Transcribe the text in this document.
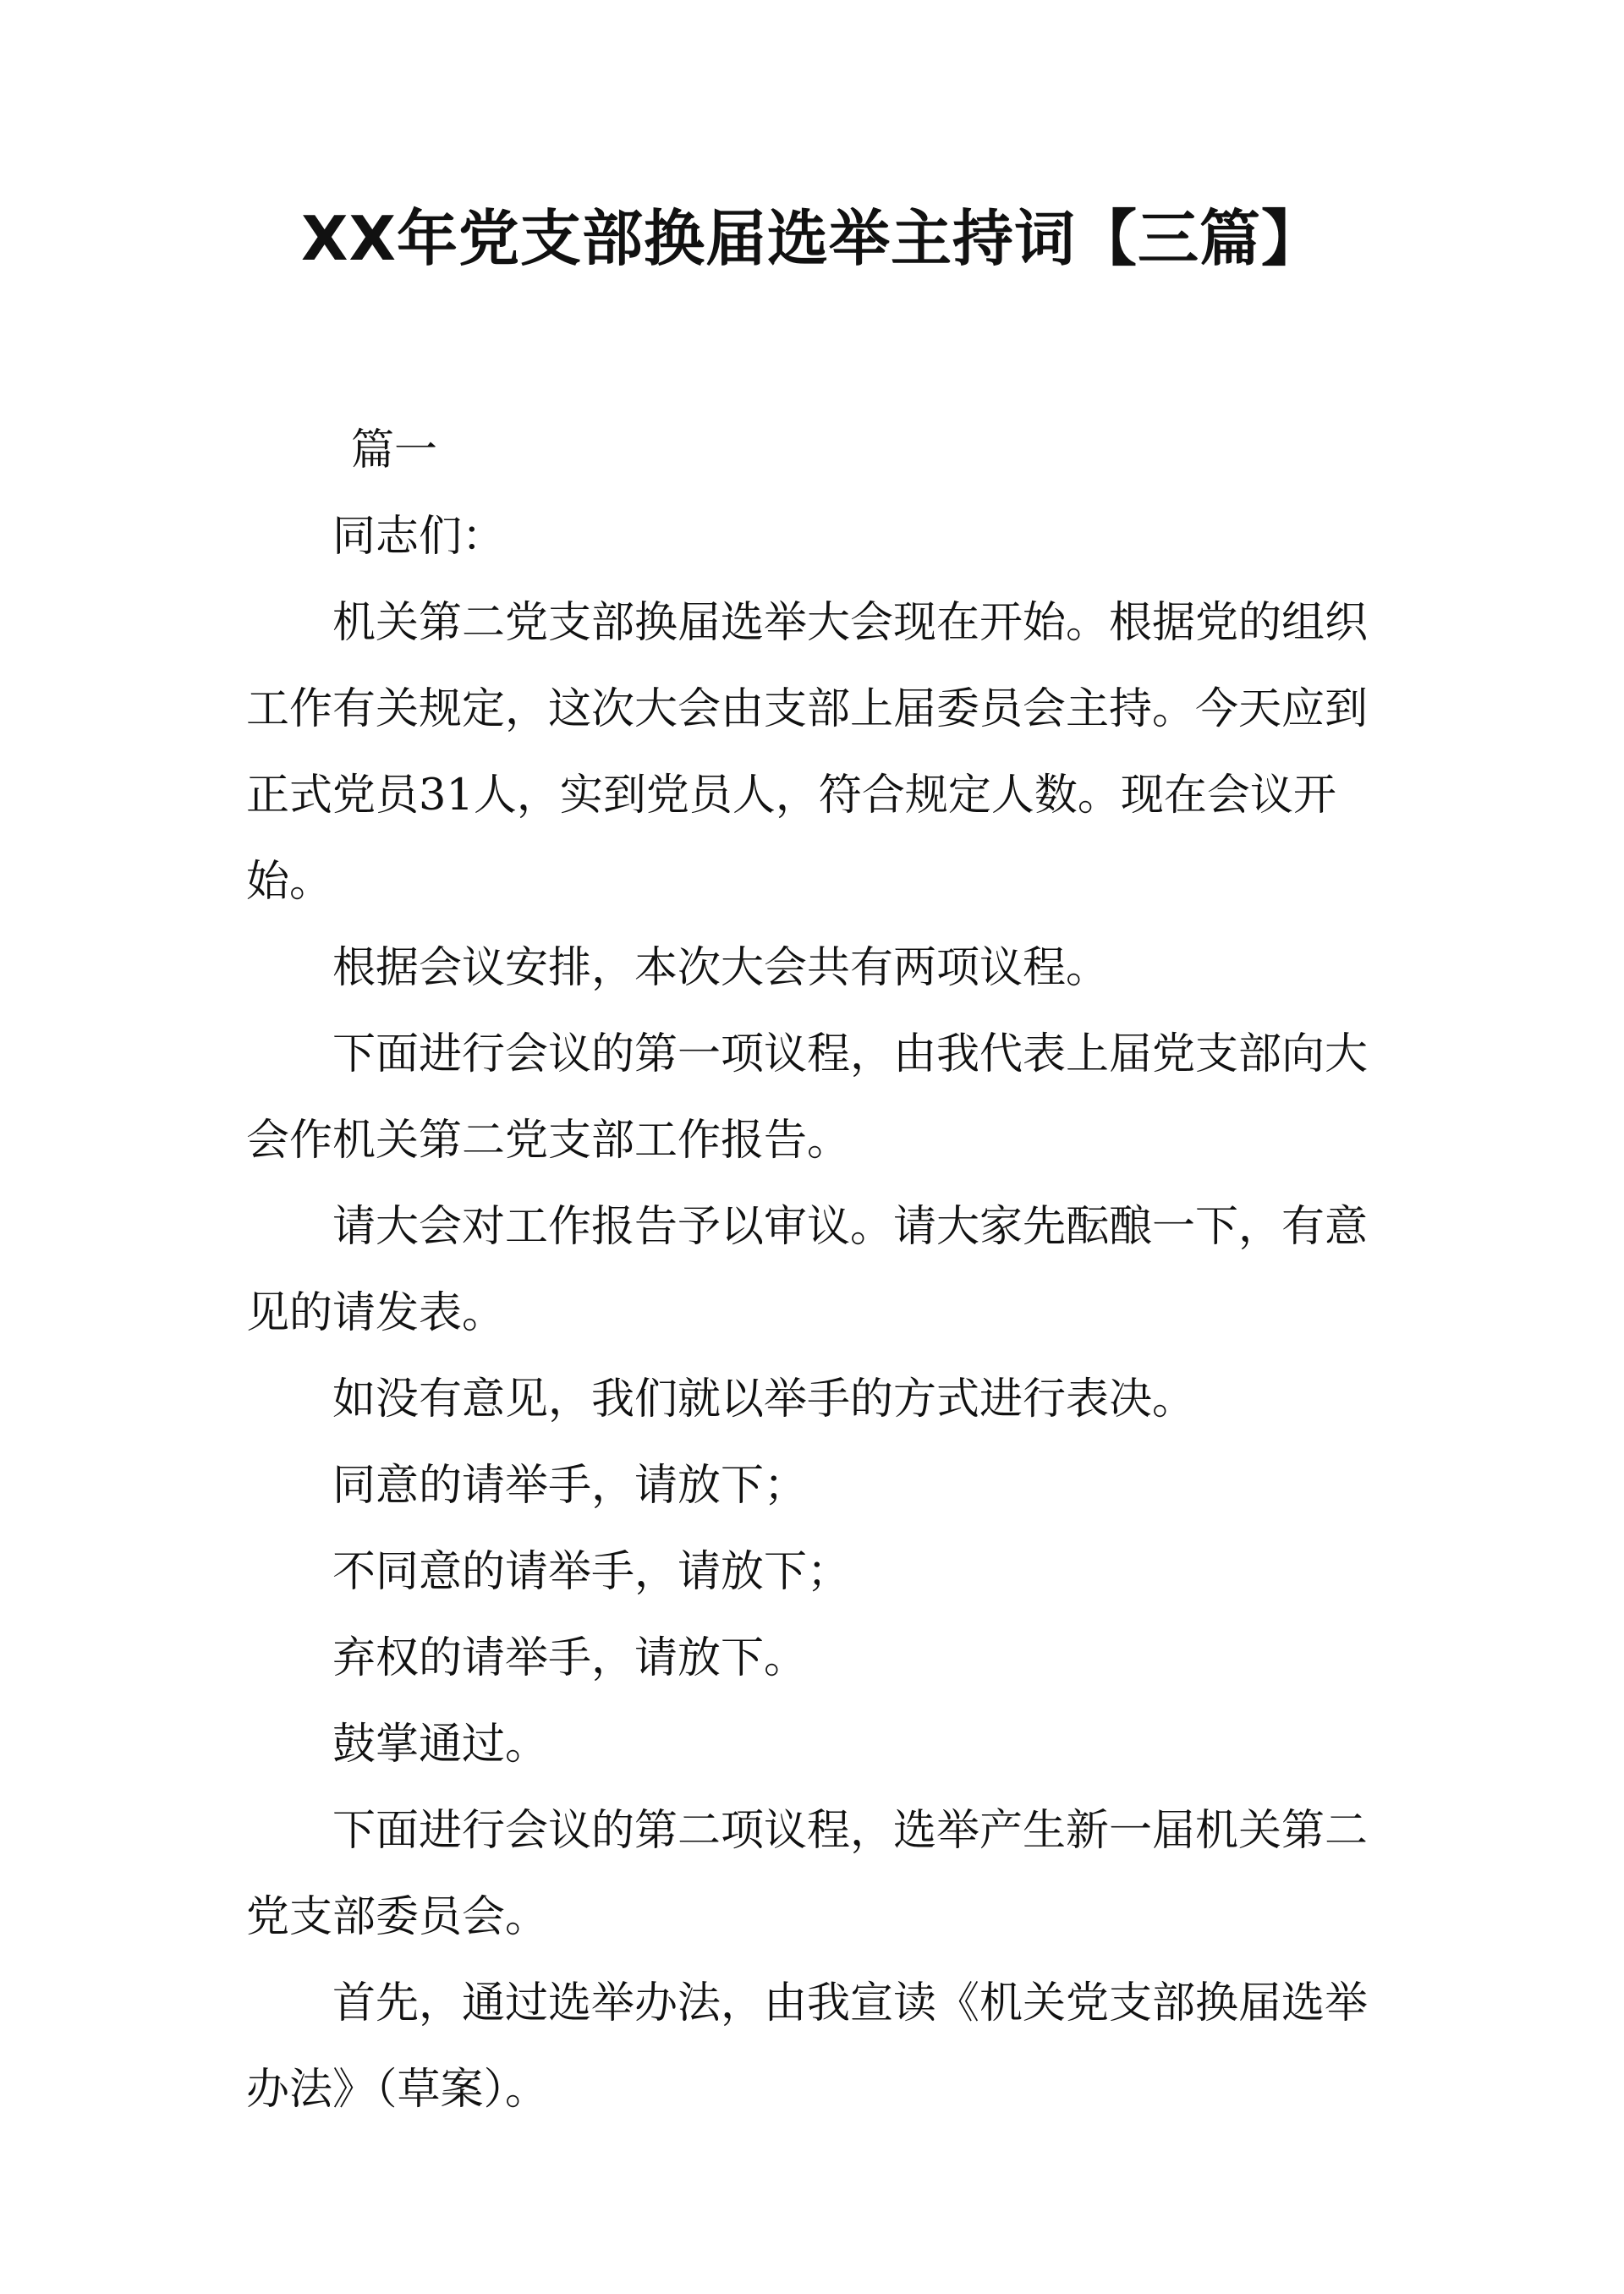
XX年党支部换届选举主持词【三篇】

篇一

同志们：

机关第二党支部换届选举大会现在开始。根据党的组织工作有关规定，这次大会由支部上届委员会主持。今天应到正式党员31人，实到党员人，符合规定人数。现在会议开始。

根据会议安排，本次大会共有两项议程。

下面进行会议的第一项议程，由我代表上届党支部向大会作机关第二党支部工作报告。

请大会对工作报告予以审议。请大家先酝酿一下，有意见的请发表。

如没有意见，我们就以举手的方式进行表决。

同意的请举手，请放下；

不同意的请举手，请放下；

弃权的请举手，请放下。

鼓掌通过。

下面进行会议的第二项议程，选举产生新一届机关第二党支部委员会。

首先，通过选举办法，由我宣读《机关党支部换届选举办法》（草案）。
